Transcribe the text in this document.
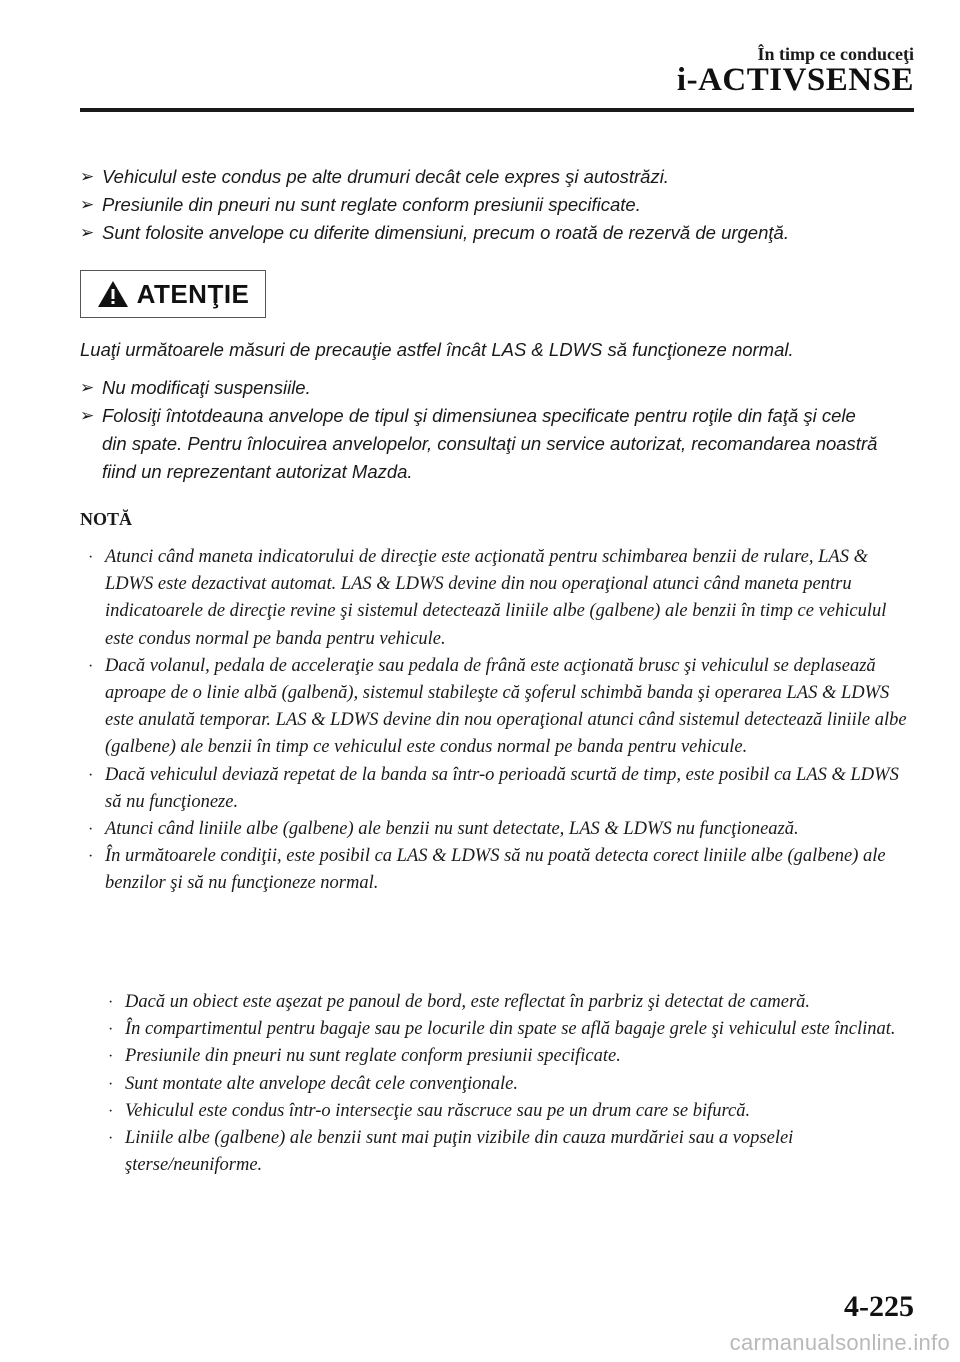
În timp ce conduceţi
i-ACTIVSENSE
➢ Vehiculul este condus pe alte drumuri decât cele expres şi autostrăzi.
➢ Presiunile din pneuri nu sunt reglate conform presiunii specificate.
➢ Sunt folosite anvelope cu diferite dimensiuni, precum o roată de rezervă de urgenţă.
ATENŢIE
Luaţi următoarele măsuri de precauţie astfel încât LAS & LDWS să funcţioneze normal.
➢ Nu modificaţi suspensiile.
➢ Folosiţi întotdeauna anvelope de tipul şi dimensiunea specificate pentru roţile din faţă şi cele din spate. Pentru înlocuirea anvelopelor, consultaţi un service autorizat, recomandarea noastră fiind un reprezentant autorizat Mazda.
NOTĂ
· Atunci când maneta indicatorului de direcţie este acţionată pentru schimbarea benzii de rulare, LAS & LDWS este dezactivat automat. LAS & LDWS devine din nou operaţional atunci când maneta pentru indicatoarele de direcţie revine şi sistemul detectează liniile albe (galbene) ale benzii în timp ce vehiculul este condus normal pe banda pentru vehicule.
· Dacă volanul, pedala de acceleraţie sau pedala de frână este acţionată brusc şi vehiculul se deplasează aproape de o linie albă (galbenă), sistemul stabileşte că şoferul schimbă banda şi operarea LAS & LDWS este anulată temporar. LAS & LDWS devine din nou operaţional atunci când sistemul detectează liniile albe (galbene) ale benzii în timp ce vehiculul este condus normal pe banda pentru vehicule.
· Dacă vehiculul deviază repetat de la banda sa într-o perioadă scurtă de timp, este posibil ca LAS & LDWS să nu funcţioneze.
· Atunci când liniile albe (galbene) ale benzii nu sunt detectate, LAS & LDWS nu funcţionează.
· În următoarele condiţii, este posibil ca LAS & LDWS să nu poată detecta corect liniile albe (galbene) ale benzilor şi să nu funcţioneze normal.
· Dacă un obiect este aşezat pe panoul de bord, este reflectat în parbriz şi detectat de cameră.
· În compartimentul pentru bagaje sau pe locurile din spate se află bagaje grele şi vehiculul este înclinat.
· Presiunile din pneuri nu sunt reglate conform presiunii specificate.
· Sunt montate alte anvelope decât cele convenţionale.
· Vehiculul este condus într-o intersecţie sau răscruce sau pe un drum care se bifurcă.
· Liniile albe (galbene) ale benzii sunt mai puţin vizibile din cauza murdăriei sau a vopselei şterse/neuniforme.
4-225
carmanualsonline.info
